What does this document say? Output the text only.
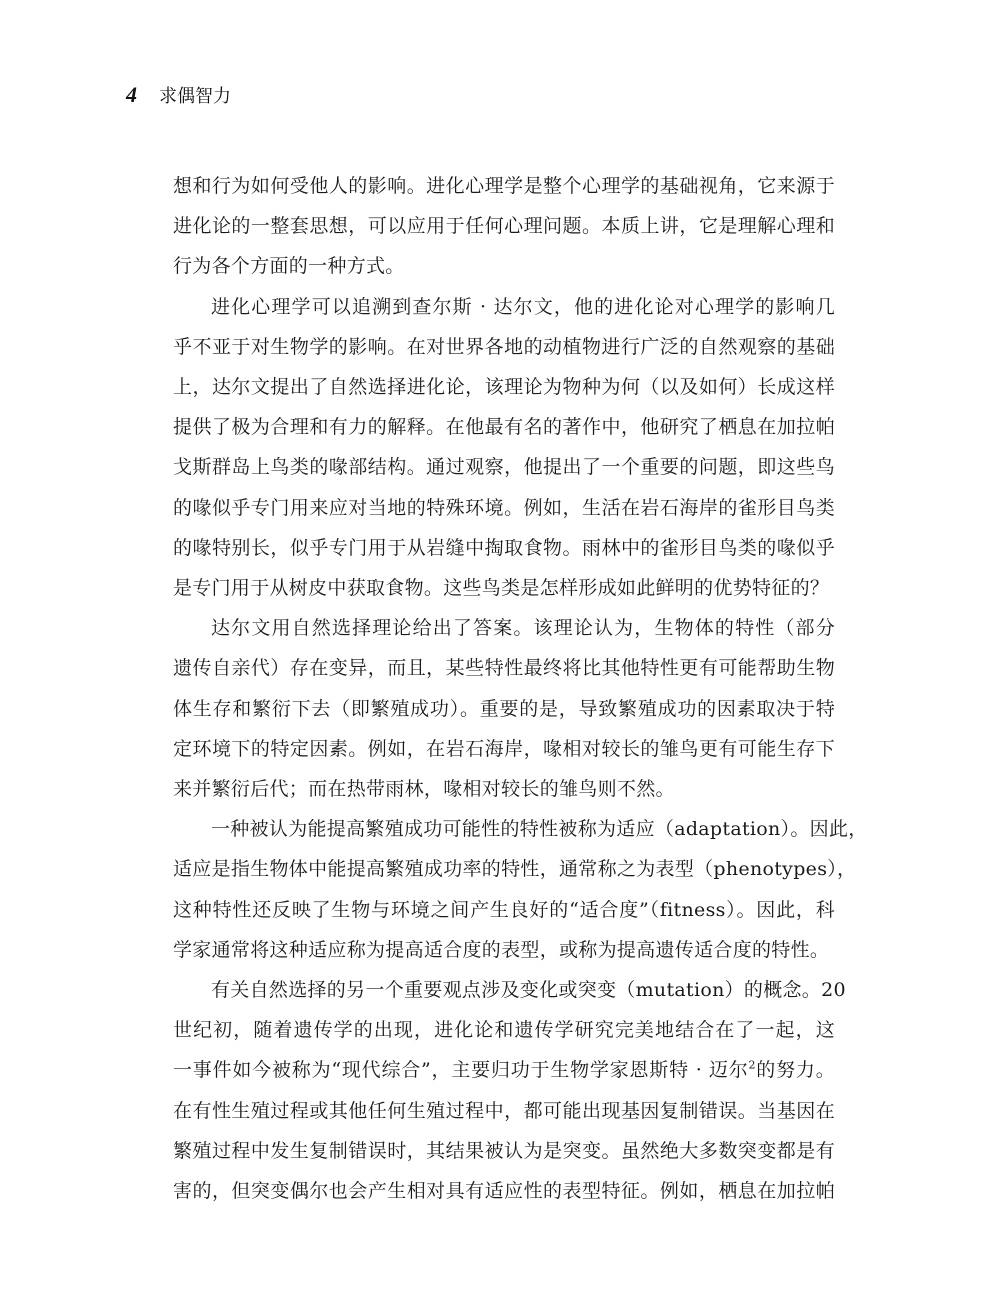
4 求偶智力

想和行为如何受他人的影响。进化心理学是整个心理学的基础视角，它来源于
进化论的一整套思想，可以应用于任何心理问题。本质上讲，它是理解心理和
行为各个方面的一种方式。

进化心理学可以追溯到查尔斯 · 达尔文，他的进化论对心理学的影响几
乎不亚于对生物学的影响。在对世界各地的动植物进行广泛的自然观察的基础
上，达尔文提出了自然选择进化论，该理论为物种为何（以及如何）长成这样
提供了极为合理和有力的解释。在他最有名的著作中，他研究了栖息在加拉帕
戈斯群岛上鸟类的喙部结构。通过观察，他提出了一个重要的问题，即这些鸟
的喙似乎专门用来应对当地的特殊环境。例如，生活在岩石海岸的雀形目鸟类
的喙特别长，似乎专门用于从岩缝中掏取食物。雨林中的雀形目鸟类的喙似乎
是专门用于从树皮中获取食物。这些鸟类是怎样形成如此鲜明的优势特征的？

达尔文用自然选择理论给出了答案。该理论认为，生物体的特性（部分
遗传自亲代）存在变异，而且，某些特性最终将比其他特性更有可能帮助生物
体生存和繁衍下去（即繁殖成功）。重要的是，导致繁殖成功的因素取决于特
定环境下的特定因素。例如，在岩石海岸，喙相对较长的雏鸟更有可能生存下
来并繁衍后代；而在热带雨林，喙相对较长的雏鸟则不然。

一种被认为能提高繁殖成功可能性的特性被称为适应（adaptation）。因此，
适应是指生物体中能提高繁殖成功率的特性，通常称之为表型（phenotypes），
这种特性还反映了生物与环境之间产生良好的“适合度”（fitness）。因此，科
学家通常将这种适应称为提高适合度的表型，或称为提高遗传适合度的特性。

有关自然选择的另一个重要观点涉及变化或突变（mutation）的概念。20
世纪初，随着遗传学的出现，进化论和遗传学研究完美地结合在了一起，这
一事件如今被称为“现代综合”，主要归功于生物学家恩斯特 · 迈尔$^2$的努力。
在有性生殖过程或其他任何生殖过程中，都可能出现基因复制错误。当基因在
繁殖过程中发生复制错误时，其结果被认为是突变。虽然绝大多数突变都是有
害的，但突变偶尔也会产生相对具有适应性的表型特征。例如，栖息在加拉帕
